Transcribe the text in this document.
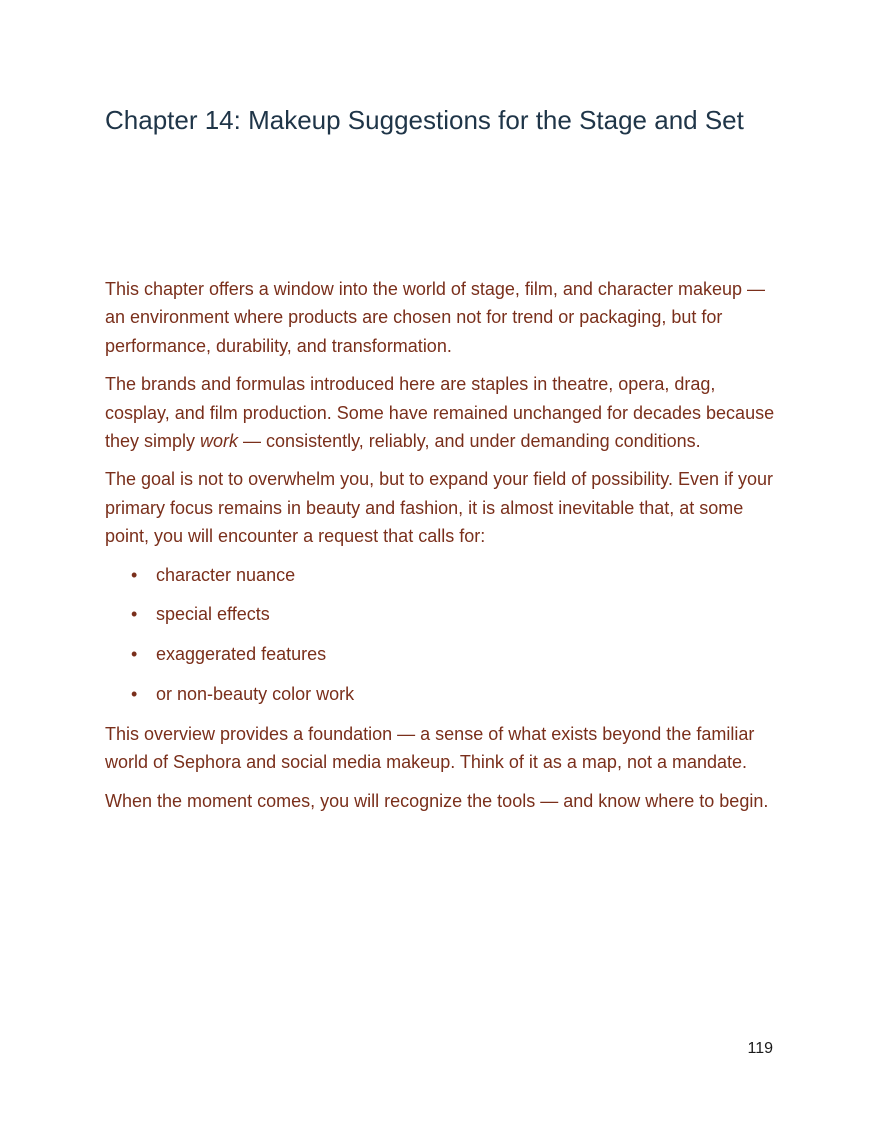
Chapter 14: Makeup Suggestions for the Stage and Set

This chapter offers a window into the world of stage, film, and character makeup — an environment where products are chosen not for trend or packaging, but for performance, durability, and transformation.

The brands and formulas introduced here are staples in theatre, opera, drag, cosplay, and film production. Some have remained unchanged for decades because they simply work — consistently, reliably, and under demanding conditions.

The goal is not to overwhelm you, but to expand your field of possibility. Even if your primary focus remains in beauty and fashion, it is almost inevitable that, at some point, you will encounter a request that calls for:

• character nuance
• special effects
• exaggerated features
• or non-beauty color work

This overview provides a foundation — a sense of what exists beyond the familiar world of Sephora and social media makeup. Think of it as a map, not a mandate.

When the moment comes, you will recognize the tools — and know where to begin.

119
